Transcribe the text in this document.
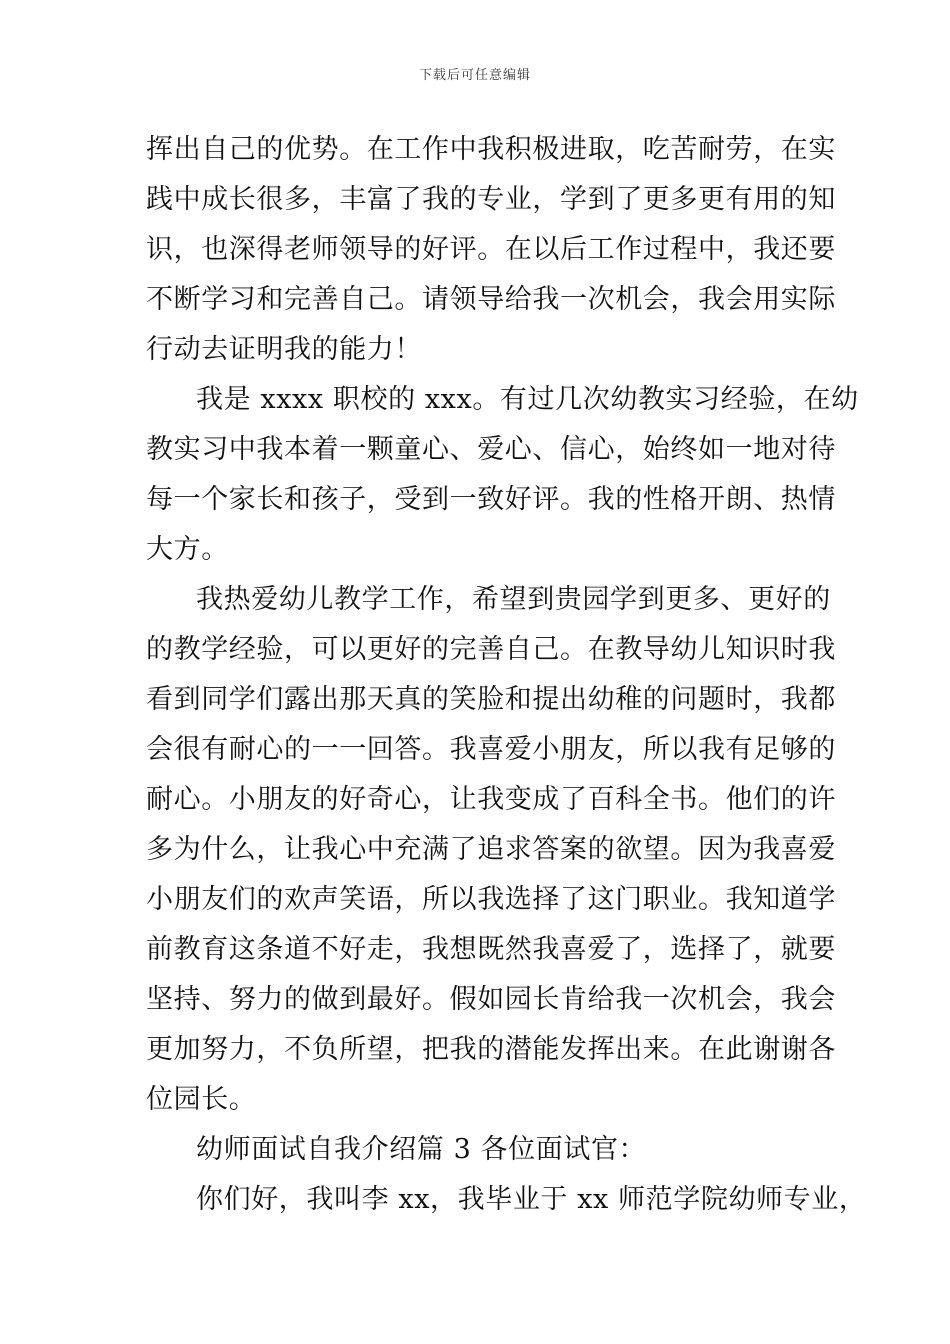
下载后可任意编辑
挥出自己的优势。在工作中我积极进取，吃苦耐劳，在实
践中成长很多，丰富了我的专业，学到了更多更有用的知
识，也深得老师领导的好评。在以后工作过程中，我还要
不断学习和完善自己。请领导给我一次机会，我会用实际
行动去证明我的能力！
我是 xxxx 职校的 xxx。有过几次幼教实习经验，在幼
教实习中我本着一颗童心、爱心、信心，始终如一地对待
每一个家长和孩子，受到一致好评。我的性格开朗、热情
大方。
我热爱幼儿教学工作，希望到贵园学到更多、更好的
的教学经验，可以更好的完善自己。在教导幼儿知识时我
看到同学们露出那天真的笑脸和提出幼稚的问题时，我都
会很有耐心的一一回答。我喜爱小朋友，所以我有足够的
耐心。小朋友的好奇心，让我变成了百科全书。他们的许
多为什么，让我心中充满了追求答案的欲望。因为我喜爱
小朋友们的欢声笑语，所以我选择了这门职业。我知道学
前教育这条道不好走，我想既然我喜爱了，选择了，就要
坚持、努力的做到最好。假如园长肯给我一次机会，我会
更加努力，不负所望，把我的潜能发挥出来。在此谢谢各
位园长。
幼师面试自我介绍篇 3 各位面试官：
你们好，我叫李 xx，我毕业于 xx 师范学院幼师专业，
